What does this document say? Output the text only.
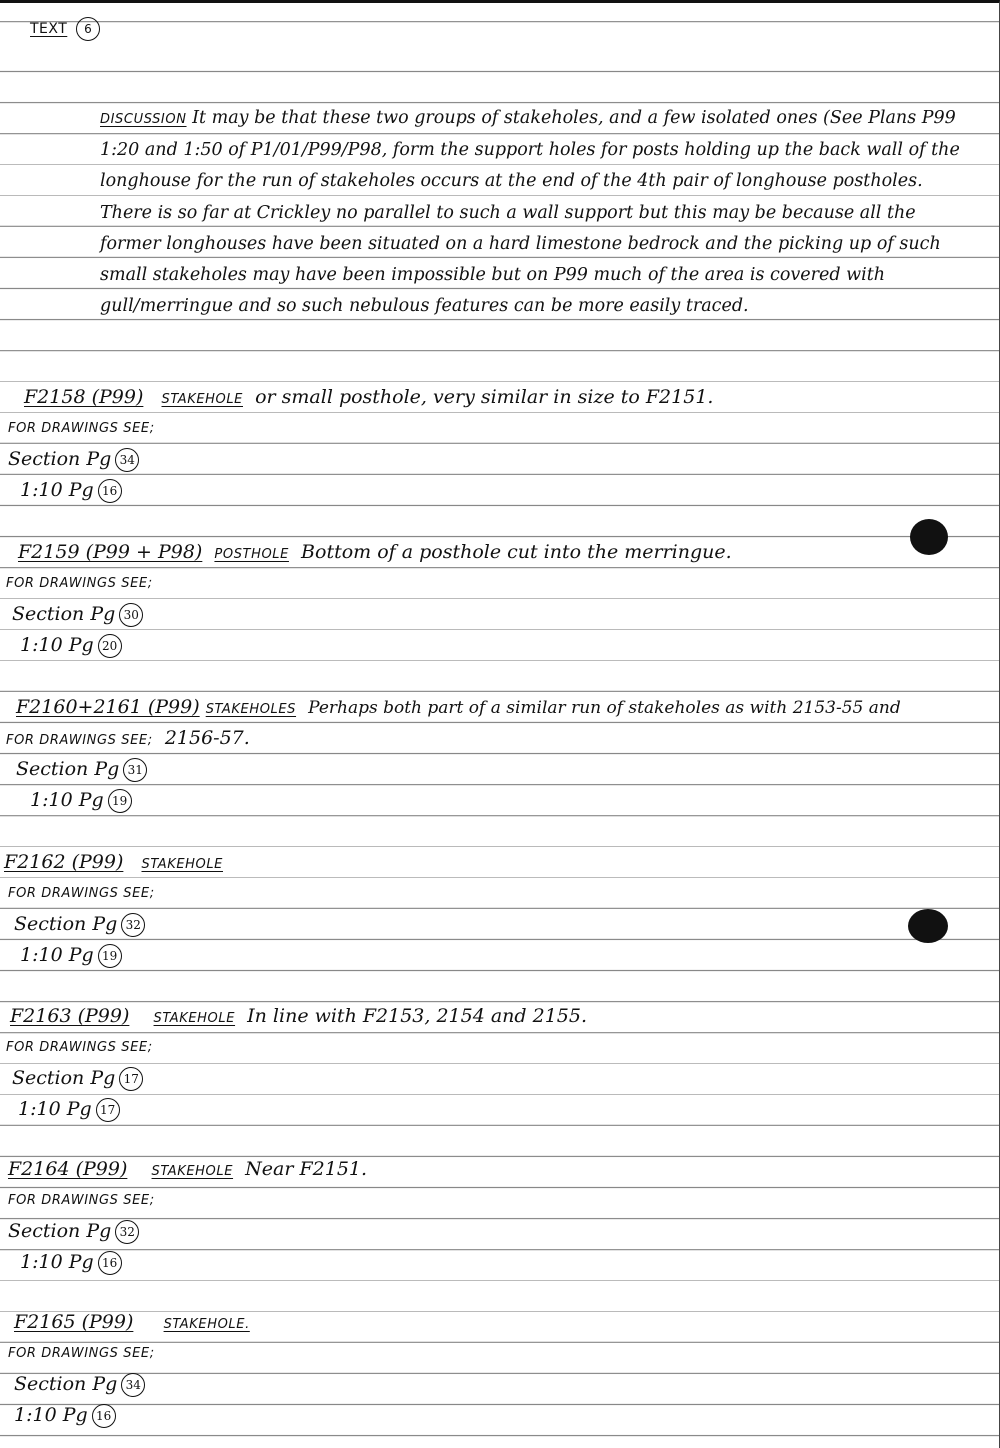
TEXT 6
DISCUSSION It may be that these two groups of stakeholes, and a few isolated ones (See Plans P99 1:20 and 1:50 of P1/01/P99/P98, form the support holes for posts holding up the back wall of the longhouse for the run of stakeholes occurs at the end of the 4th pair of longhouse postholes. There is so far at Crickley no parallel to such a wall support but this may be because all the former longhouses have been situated on a hard limestone bedrock and the picking up of such small stakeholes may have been impossible but on P99 much of the area is covered with gull/merringue and so such nebulous features can be more easily traced.
F2158 (P99) STAKEHOLE or small posthole, very similar in size to F2151.
FOR DRAWINGS SEE;
Section Pg 34
1:10 Pg 16
F2159 (P99 + P98) POSTHOLE Bottom of a posthole cut into the merringue.
FOR DRAWINGS SEE;
Section Pg 30
1:10 Pg 20
F2160+2161 (P99) STAKEHOLES Perhaps both part of a similar run of stakeholes as with 2153-55 and
FOR DRAWINGS SEE; 2156-57.
Section Pg 31
1:10 Pg 19
F2162 (P99) STAKEHOLE
FOR DRAWINGS SEE;
Section Pg 32
1:10 Pg 19
F2163 (P99) STAKEHOLE In line with F2153, 2154 and 2155.
FOR DRAWINGS SEE;
Section Pg 17
1:10 Pg 17
F2164 (P99) STAKEHOLE Near F2151.
FOR DRAWINGS SEE;
Section Pg 32
1:10 Pg 16
F2165 (P99) STAKEHOLE.
FOR DRAWINGS SEE;
Section Pg 34
1:10 Pg 16
